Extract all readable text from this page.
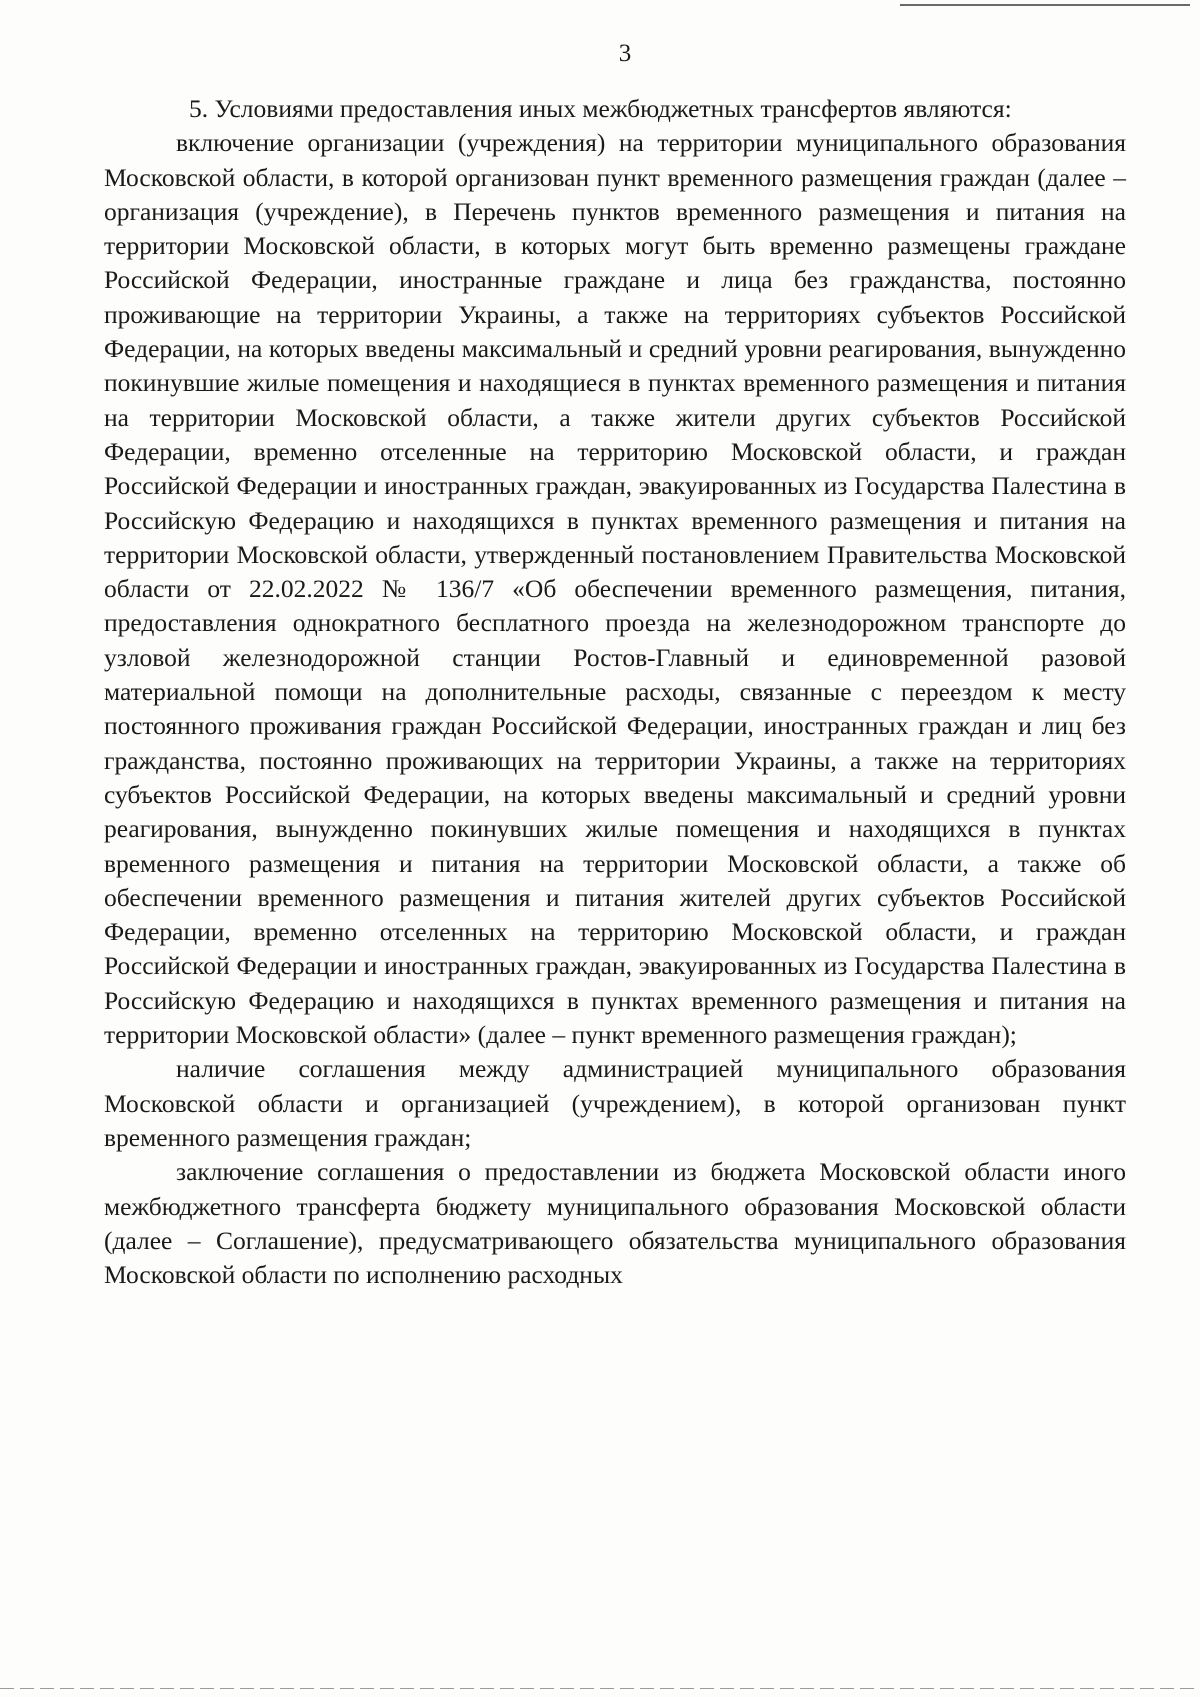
3

5. Условиями предоставления иных межбюджетных трансфертов являются:

включение организации (учреждения) на территории муниципального образования Московской области, в которой организован пункт временного размещения граждан (далее – организация (учреждение), в Перечень пунктов временного размещения и питания на территории Московской области, в которых могут быть временно размещены граждане Российской Федерации, иностранные граждане и лица без гражданства, постоянно проживающие на территории Украины, а также на территориях субъектов Российской Федерации, на которых введены максимальный и средний уровни реагирования, вынужденно покинувшие жилые помещения и находящиеся в пунктах временного размещения и питания на территории Московской области, а также жители других субъектов Российской Федерации, временно отселенные на территорию Московской области, и граждан Российской Федерации и иностранных граждан, эвакуированных из Государства Палестина в Российскую Федерацию и находящихся в пунктах временного размещения и питания на территории Московской области, утвержденный постановлением Правительства Московской области от 22.02.2022 № 136/7 «Об обеспечении временного размещения, питания, предоставления однократного бесплатного проезда на железнодорожном транспорте до узловой железнодорожной станции Ростов-Главный и единовременной разовой материальной помощи на дополнительные расходы, связанные с переездом к месту постоянного проживания граждан Российской Федерации, иностранных граждан и лиц без гражданства, постоянно проживающих на территории Украины, а также на территориях субъектов Российской Федерации, на которых введены максимальный и средний уровни реагирования, вынужденно покинувших жилые помещения и находящихся в пунктах временного размещения и питания на территории Московской области, а также об обеспечении временного размещения и питания жителей других субъектов Российской Федерации, временно отселенных на территорию Московской области, и граждан Российской Федерации и иностранных граждан, эвакуированных из Государства Палестина в Российскую Федерацию и находящихся в пунктах временного размещения и питания на территории Московской области» (далее – пункт временного размещения граждан);

наличие соглашения между администрацией муниципального образования Московской области и организацией (учреждением), в которой организован пункт временного размещения граждан;

заключение соглашения о предоставлении из бюджета Московской области иного межбюджетного трансферта бюджету муниципального образования Московской области (далее – Соглашение), предусматривающего обязательства муниципального образования Московской области по исполнению расходных
